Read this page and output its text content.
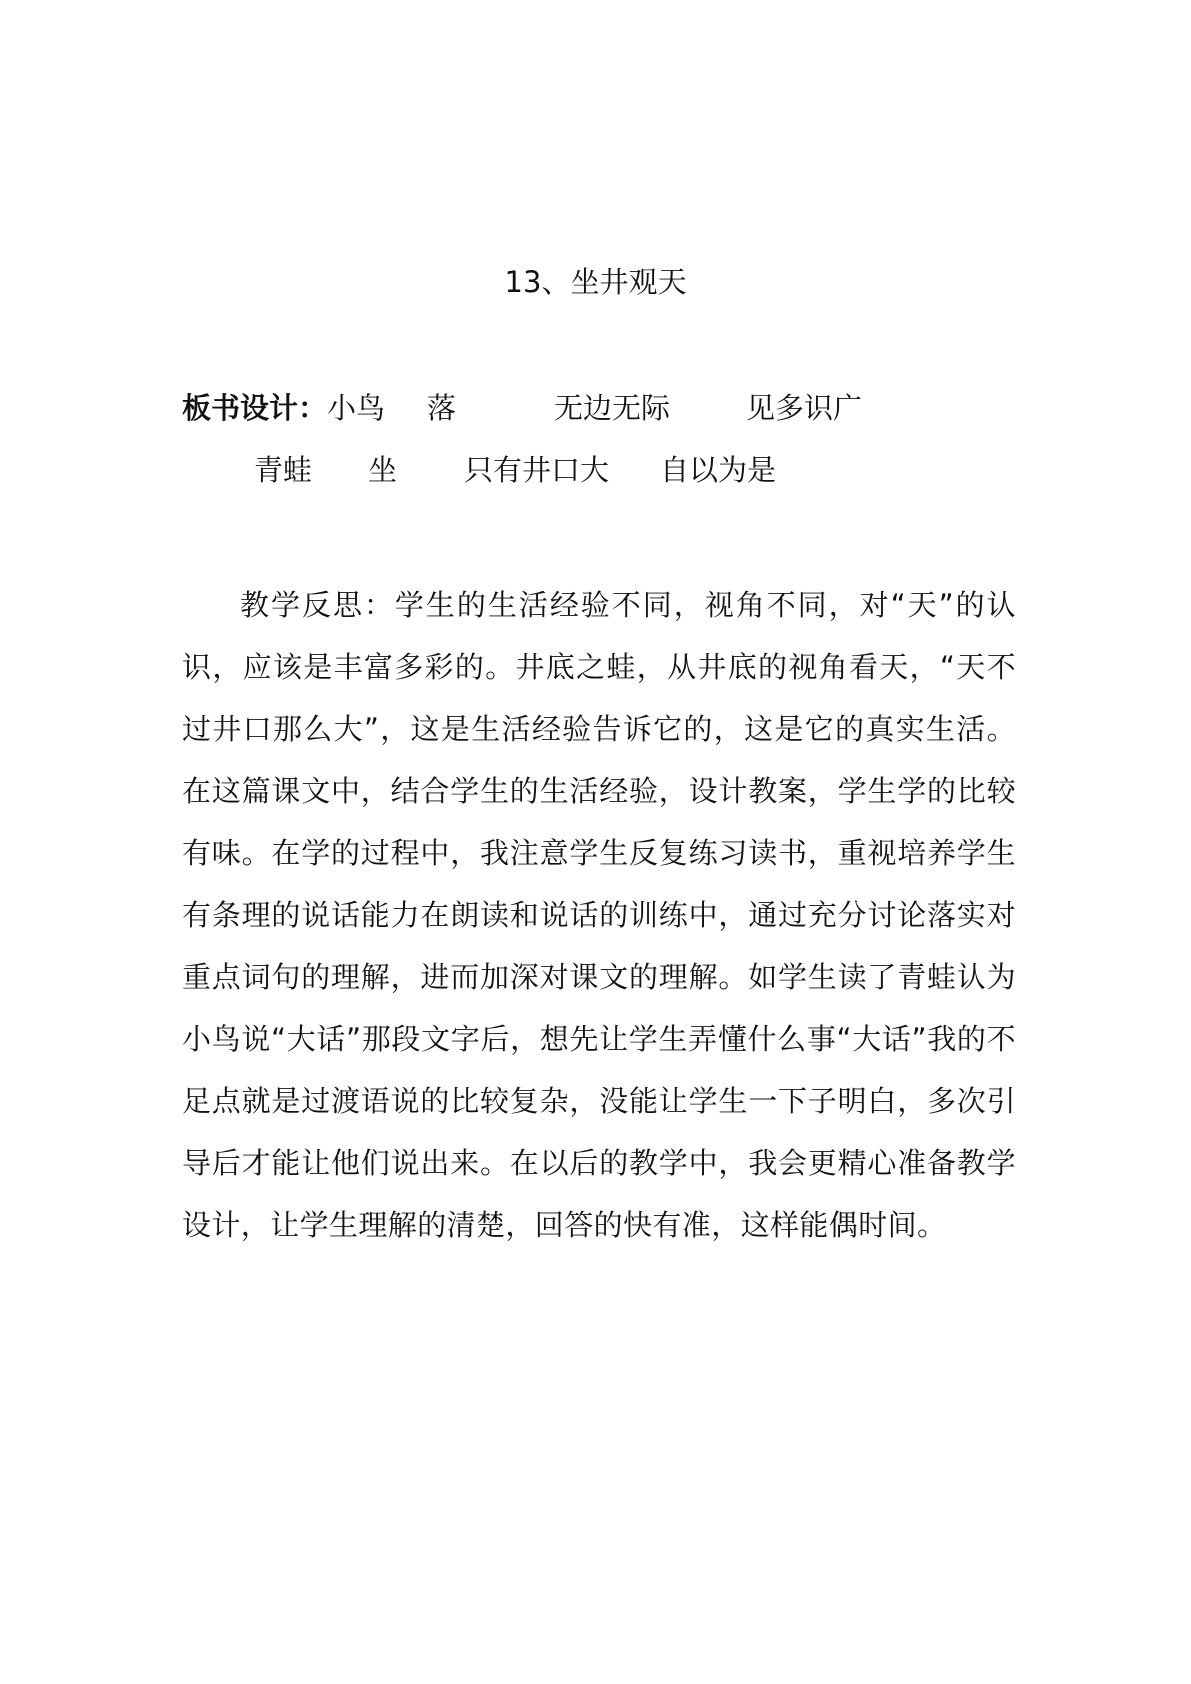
13、坐井观天
板书设计： 小鸟 落	无边无际	见多识广
青蛙 坐 只有井口大 自以为是
教学反思：学生的生活经验不同，视角不同，对“天”的认识，应该是丰富多彩的。井底之蛙，从井底的视角看天，“天不过井口那么大”，这是生活经验告诉它的，这是它的真实生活。在这篇课文中，结合学生的生活经验，设计教案，学生学的比较有味。在学的过程中，我注意学生反复练习读书，重视培养学生有条理的说话能力在朗读和说话的训练中，通过充分讨论落实对重点词句的理解，进而加深对课文的理解。如学生读了青蛙认为小鸟说“大话”那段文字后，想先让学生弄懂什么事“大话”我的不足点就是过渡语说的比较复杂，没能让学生一下子明白，多次引导后才能让他们说出来。在以后的教学中，我会更精心准备教学设计，让学生理解的清楚，回答的快有准，这样能偶时间。
